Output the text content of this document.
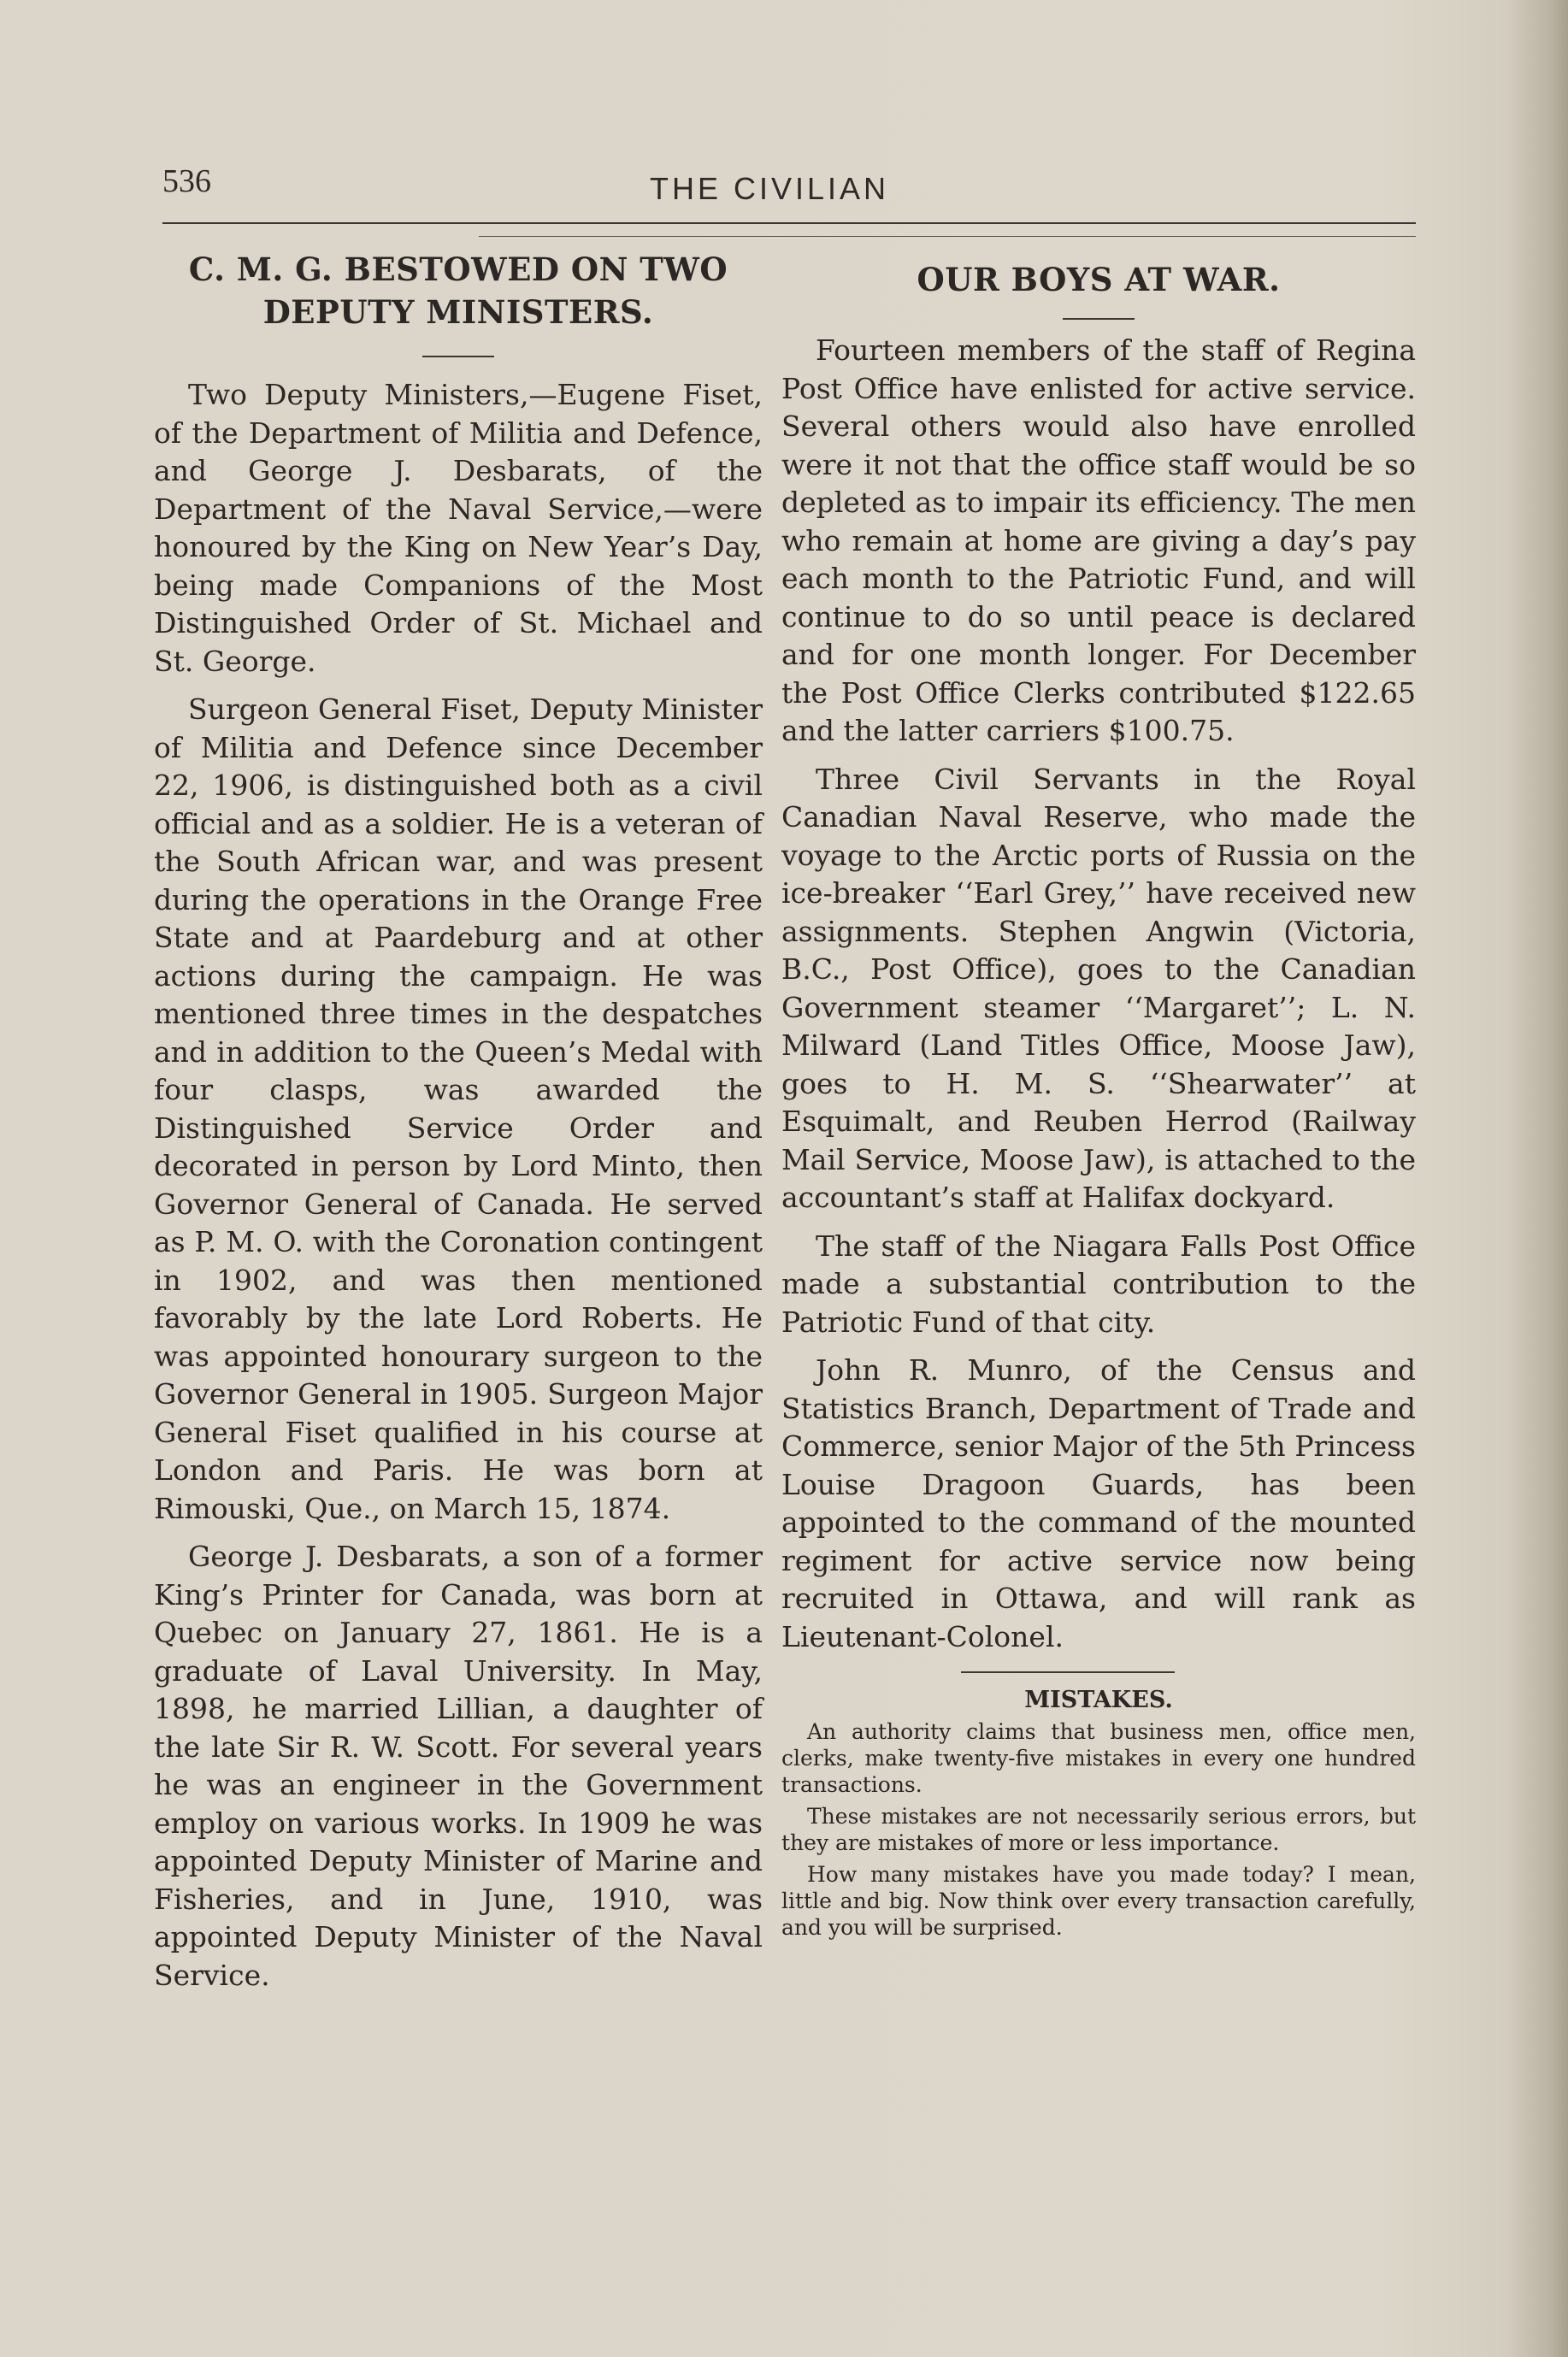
536	THE CIVILIAN
C. M. G. BESTOWED ON TWO DEPUTY MINISTERS.

Two Deputy Ministers,—Eugene Fiset, of the Department of Militia and Defence, and George J. Desbarats, of the Department of the Naval Service,—were honoured by the King on New Year’s Day, being made Companions of the Most Distinguished Order of St. Michael and St. George.

Surgeon General Fiset, Deputy Minister of Militia and Defence since December 22, 1906, is distinguished both as a civil official and as a soldier. He is a veteran of the South African war, and was present during the operations in the Orange Free State and at Paardeburg and at other actions during the campaign. He was mentioned three times in the despatches and in addition to the Queen’s Medal with four clasps, was awarded the Distinguished Service Order and decorated in person by Lord Minto, then Governor General of Canada. He served as P. M. O. with the Coronation contingent in 1902, and was then mentioned favorably by the late Lord Roberts. He was appointed honourary surgeon to the Governor General in 1905. Surgeon Major General Fiset qualified in his course at London and Paris. He was born at Rimouski, Que., on March 15, 1874.

George J. Desbarats, a son of a former King’s Printer for Canada, was born at Quebec on January 27, 1861. He is a graduate of Laval University. In May, 1898, he married Lillian, a daughter of the late Sir R. W. Scott. For several years he was an engineer in the Government employ on various works. In 1909 he was appointed Deputy Minister of Marine and Fisheries, and in June, 1910, was appointed Deputy Minister of the Naval Service.

OUR BOYS AT WAR.

Fourteen members of the staff of Regina Post Office have enlisted for active service. Several others would also have enrolled were it not that the office staff would be so depleted as to impair its efficiency. The men who remain at home are giving a day’s pay each month to the Patriotic Fund, and will continue to do so until peace is declared and for one month longer. For December the Post Office Clerks contributed $122.65 and the latter carriers $100.75.

Three Civil Servants in the Royal Canadian Naval Reserve, who made the voyage to the Arctic ports of Russia on the ice-breaker ‘‘Earl Grey,’’ have received new assignments. Stephen Angwin (Victoria, B.C., Post Office), goes to the Canadian Government steamer ‘‘Margaret’’; L. N. Milward (Land Titles Office, Moose Jaw), goes to H. M. S. ‘‘Shearwater’’ at Esquimalt, and Reuben Herrod (Railway Mail Service, Moose Jaw), is attached to the accountant’s staff at Halifax dockyard.

The staff of the Niagara Falls Post Office made a substantial contribution to the Patriotic Fund of that city.

John R. Munro, of the Census and Statistics Branch, Department of Trade and Commerce, senior Major of the 5th Princess Louise Dragoon Guards, has been appointed to the command of the mounted regiment for active service now being recruited in Ottawa, and will rank as Lieutenant-Colonel.

MISTAKES.

An authority claims that business men, office men, clerks, make twenty-five mistakes in every one hundred transactions.

These mistakes are not necessarily serious errors, but they are mistakes of more or less importance.

How many mistakes have you made today? I mean, little and big. Now think over every transaction carefully, and you will be surprised.
